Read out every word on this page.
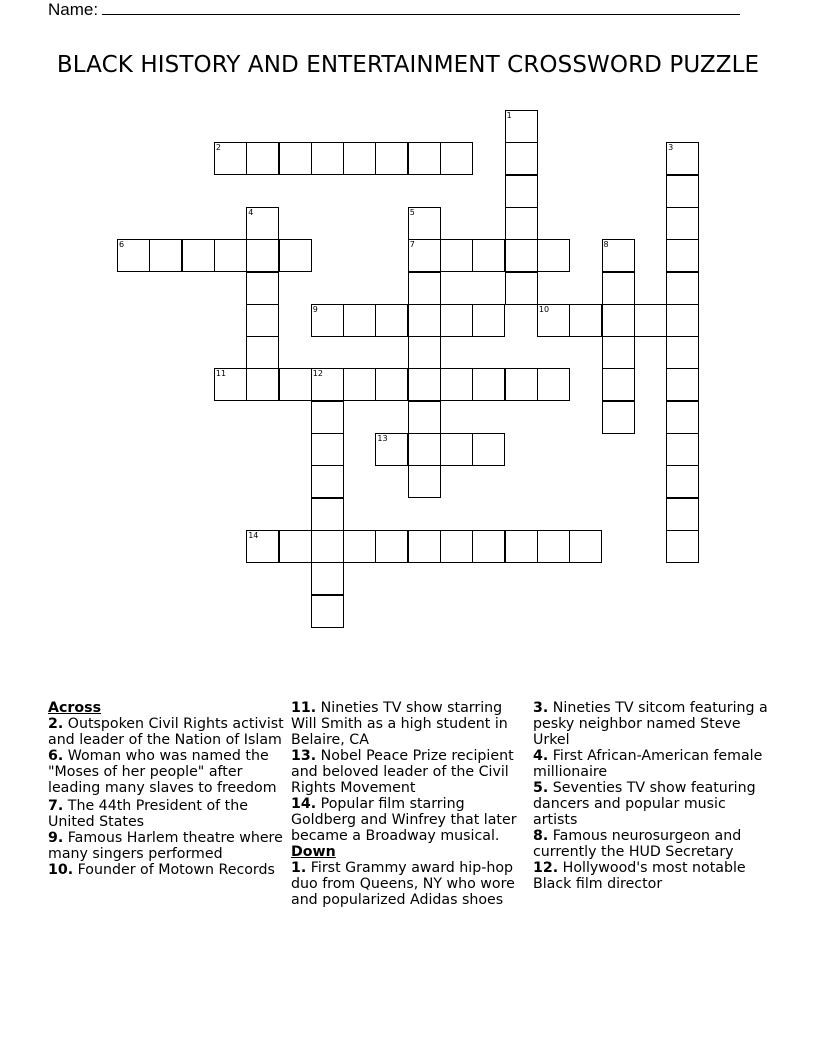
Name:
BLACK HISTORY AND ENTERTAINMENT CROSSWORD PUZZLE
1
2	3
4	5
7
6	8
9	10
11	12
13
14
Across

2. Outspoken Civil Rights activist and leader of the Nation of Islam

6. Woman who was named the "Moses of her people" after leading many slaves to freedom

7. The 44th President of the United States

9. Famous Harlem theatre where many singers performed

10. Founder of Motown Records

11. Nineties TV show starring Will Smith as a high student in Belaire, CA

13. Nobel Peace Prize recipient and beloved leader of the Civil Rights Movement

14. Popular film starring Goldberg and Winfrey that later became a Broadway musical.

Down

1. First Grammy award hip-hop duo from Queens, NY who wore and popularized Adidas shoes

3. Nineties TV sitcom featuring a pesky neighbor named Steve Urkel

4. First African-American female millionaire

5. Seventies TV show featuring dancers and popular music artists

8. Famous neurosurgeon and currently the HUD Secretary

12. Hollywood's most notable Black film director
